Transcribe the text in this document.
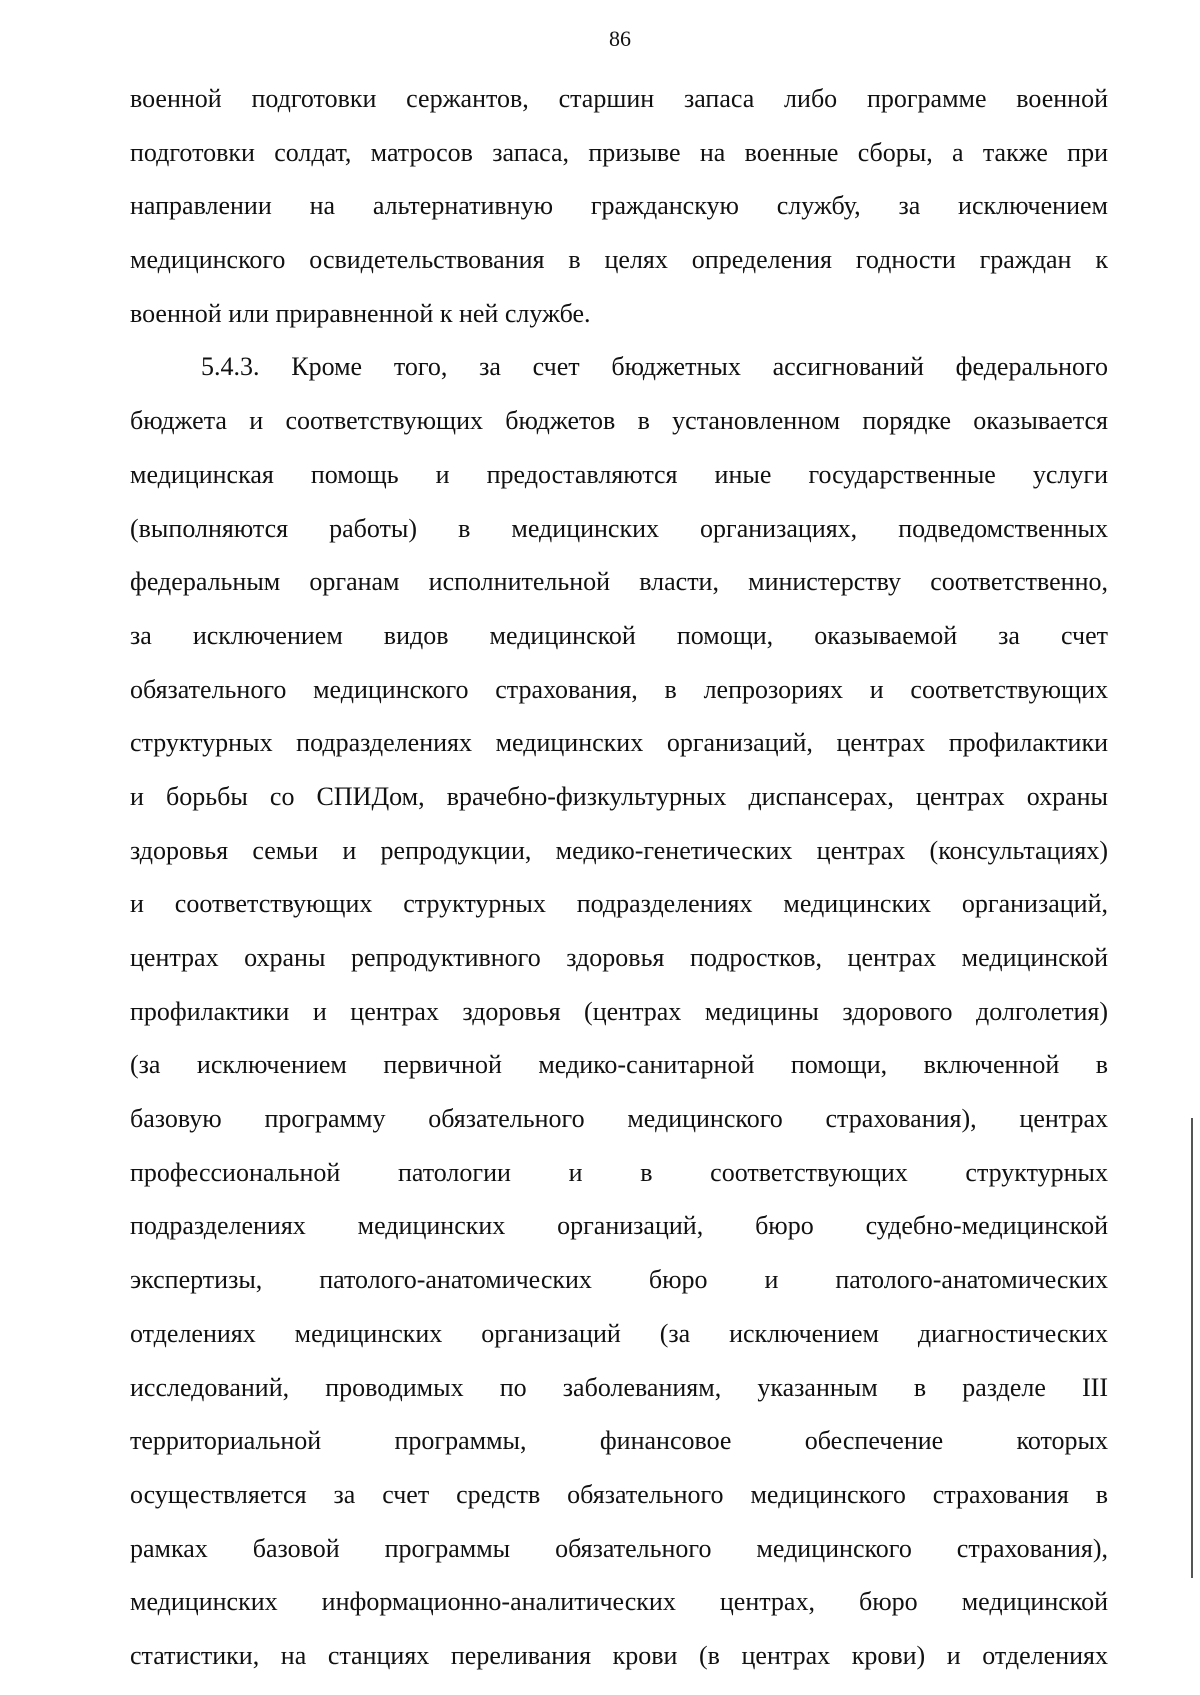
86
военной подготовки сержантов, старшин запаса либо программе военной
подготовки солдат, матросов запаса, призыве на военные сборы, а также при
направлении на альтернативную гражданскую службу, за исключением
медицинского освидетельствования в целях определения годности граждан к
военной или приравненной к ней службе.
5.4.3. Кроме того, за счет бюджетных ассигнований федерального
бюджета и соответствующих бюджетов в установленном порядке оказывается
медицинская помощь и предоставляются иные государственные услуги
(выполняются работы) в медицинских организациях, подведомственных
федеральным органам исполнительной власти, министерству соответственно,
за исключением видов медицинской помощи, оказываемой за счет
обязательного медицинского страхования, в лепрозориях и соответствующих
структурных подразделениях медицинских организаций, центрах профилактики
и борьбы со СПИДом, врачебно-физкультурных диспансерах, центрах охраны
здоровья семьи и репродукции, медико-генетических центрах (консультациях)
и соответствующих структурных подразделениях медицинских организаций,
центрах охраны репродуктивного здоровья подростков, центрах медицинской
профилактики и центрах здоровья (центрах медицины здорового долголетия)
(за исключением первичной медико-санитарной помощи, включенной в
базовую программу обязательного медицинского страхования), центрах
профессиональной патологии и в соответствующих структурных
подразделениях медицинских организаций, бюро судебно-медицинской
экспертизы, патолого-анатомических бюро и патолого-анатомических
отделениях медицинских организаций (за исключением диагностических
исследований, проводимых по заболеваниям, указанным в разделе III
территориальной программы, финансовое обеспечение которых
осуществляется за счет средств обязательного медицинского страхования в
рамках базовой программы обязательного медицинского страхования),
медицинских информационно-аналитических центрах, бюро медицинской
статистики, на станциях переливания крови (в центрах крови) и отделениях
